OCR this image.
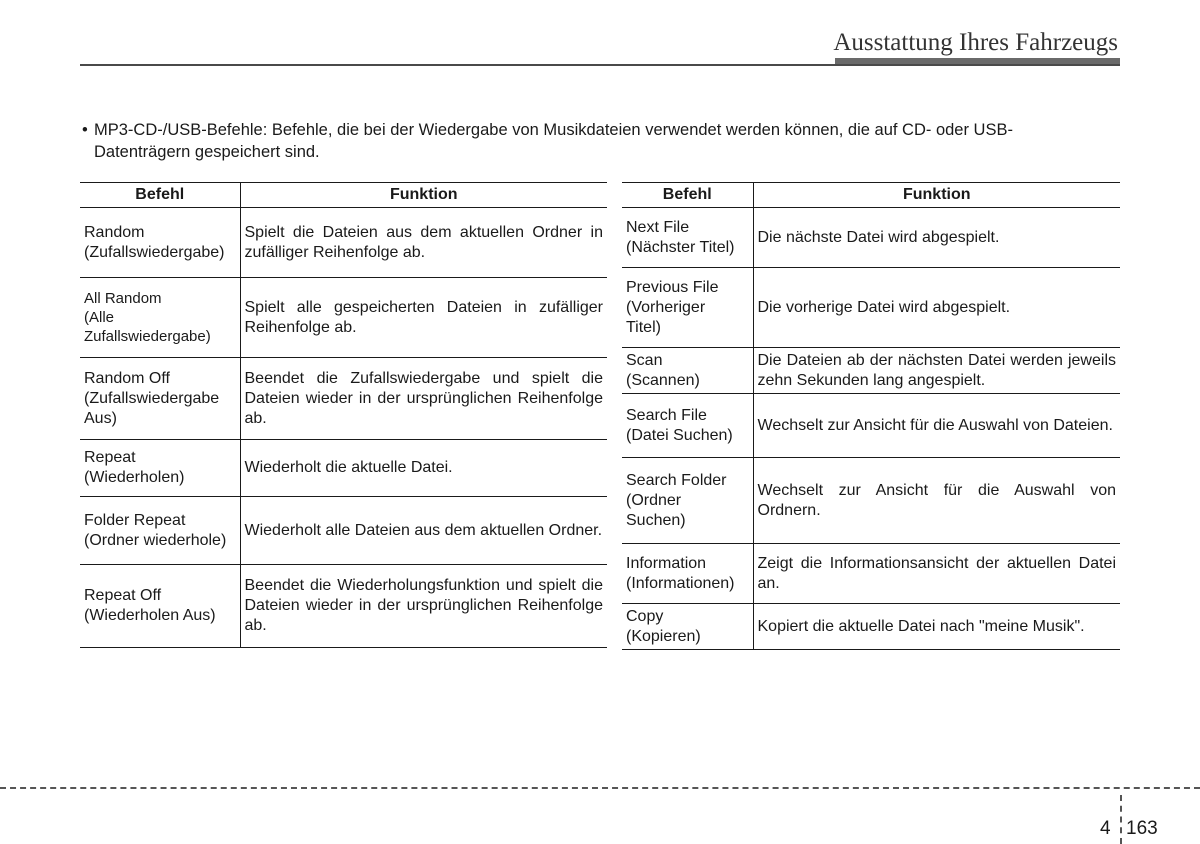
Ausstattung Ihres Fahrzeugs
• MP3-CD-/USB-Befehle: Befehle, die bei der Wiedergabe von Musikdateien verwendet werden können, die auf CD- oder USB-
Datenträgern gespeichert sind.
Befehl	Funktion

Random
(Zufallswiedergabe)	Spielt die Dateien aus dem aktuellen Ordner in zufälliger Reihenfolge ab.

All Random
(Alle
Zufallswiedergabe)	Spielt alle gespeicherten Dateien in zufälliger Reihenfolge ab.

Random Off
(Zufallswiedergabe
Aus)	Beendet die Zufallswiedergabe und spielt die Dateien wieder in der ursprünglichen Reihenfolge ab.

Repeat
(Wiederholen)	Wiederholt die aktuelle Datei.

Folder Repeat
(Ordner wiederhole)	Wiederholt alle Dateien aus dem aktuellen Ordner.

Repeat Off
(Wiederholen Aus)	Beendet die Wiederholungsfunktion und spielt die Dateien wieder in der ursprünglichen Reihenfolge ab.
Befehl	Funktion

Next File
(Nächster Titel)	Die nächste Datei wird abgespielt.

Previous File
(Vorheriger
Titel)	Die vorherige Datei wird abgespielt.

Scan
(Scannen)	Die Dateien ab der nächsten Datei werden jeweils zehn Sekunden lang angespielt.

Search File
(Datei Suchen)	Wechselt zur Ansicht für die Auswahl von Dateien.

Search Folder
(Ordner
Suchen)	Wechselt zur Ansicht für die Auswahl von Ordnern.

Information
(Informationen)	Zeigt die Informationsansicht der aktuellen Datei an.

Copy
(Kopieren)	Kopiert die aktuelle Datei nach "meine Musik".
4 163
